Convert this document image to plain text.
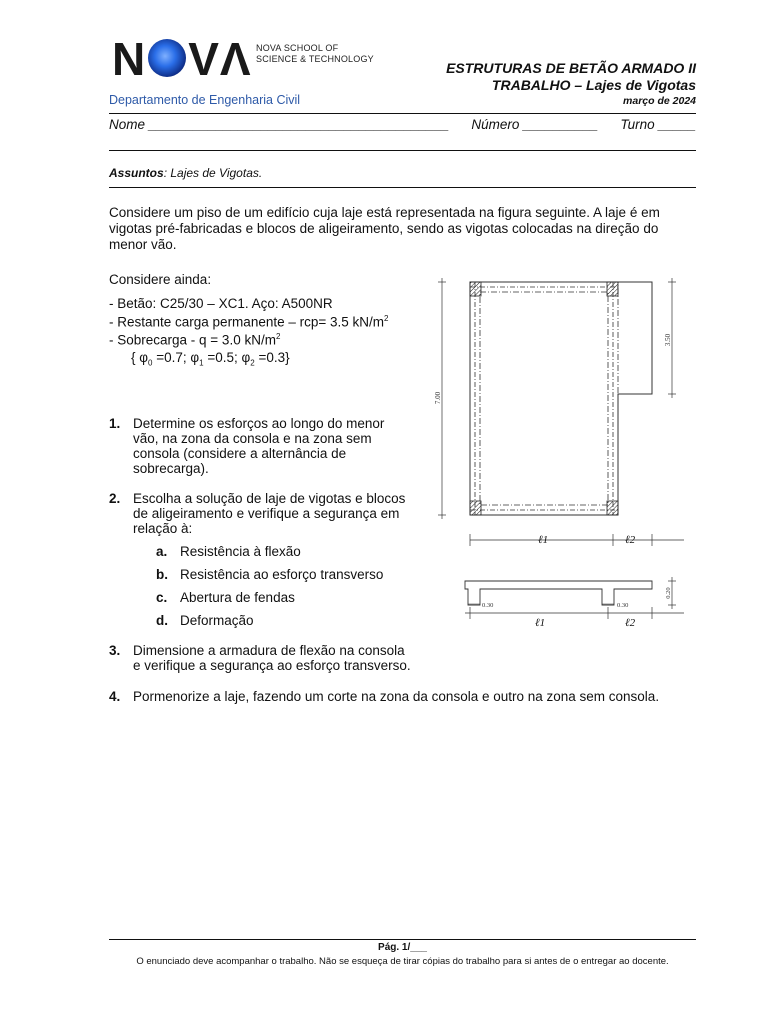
N VΛ NOVA SCHOOL OF
SCIENCE & TECHNOLOGY
Departamento de Engenharia Civil
ESTRUTURAS DE BETÃO ARMADO II
TRABALHO – Lajes de Vigotas
março de 2024
Nome ________________________________________ Número __________ Turno _____
Assuntos: Lajes de Vigotas.
Considere um piso de um edifício cuja laje está representada na figura seguinte. A laje é em
vigotas pré-fabricadas e blocos de aligeiramento, sendo as vigotas colocadas na direção do
menor vão.
Considere ainda:
- Betão: C25/30 – XC1. Aço: A500NR
- Restante carga permanente – rcp= 3.5 $kN/m^2$
- Sobrecarga - q = 3.0 $kN/m^2$
{ $\varphi_0 =0.7$; $\varphi_1 =0.5$; $\varphi_2 =0.3$}
1. Determine os esforços ao longo do menor
vão, na zona da consola e na zona sem
consola (considere a alternância de
sobrecarga).
2. Escolha a solução de laje de vigotas e blocos
de aligeiramento e verifique a segurança em
relação à:
a. Resistência à flexão
b. Resistência ao esforço transverso
c. Abertura de fendas
d. Deformação
3. Dimensione a armadura de flexão na consola
e verifique a segurança ao esforço transverso.
4. Pormenorize a laje, fazendo um corte na zona da consola e outro na zona sem consola.
7.00
3.50
ℓ1	ℓ2
0.30	0.30
0.20
ℓ1	ℓ2
Pág. 1/___
O enunciado deve acompanhar o trabalho. Não se esqueça de tirar cópias do trabalho para si antes de o entregar ao docente.
